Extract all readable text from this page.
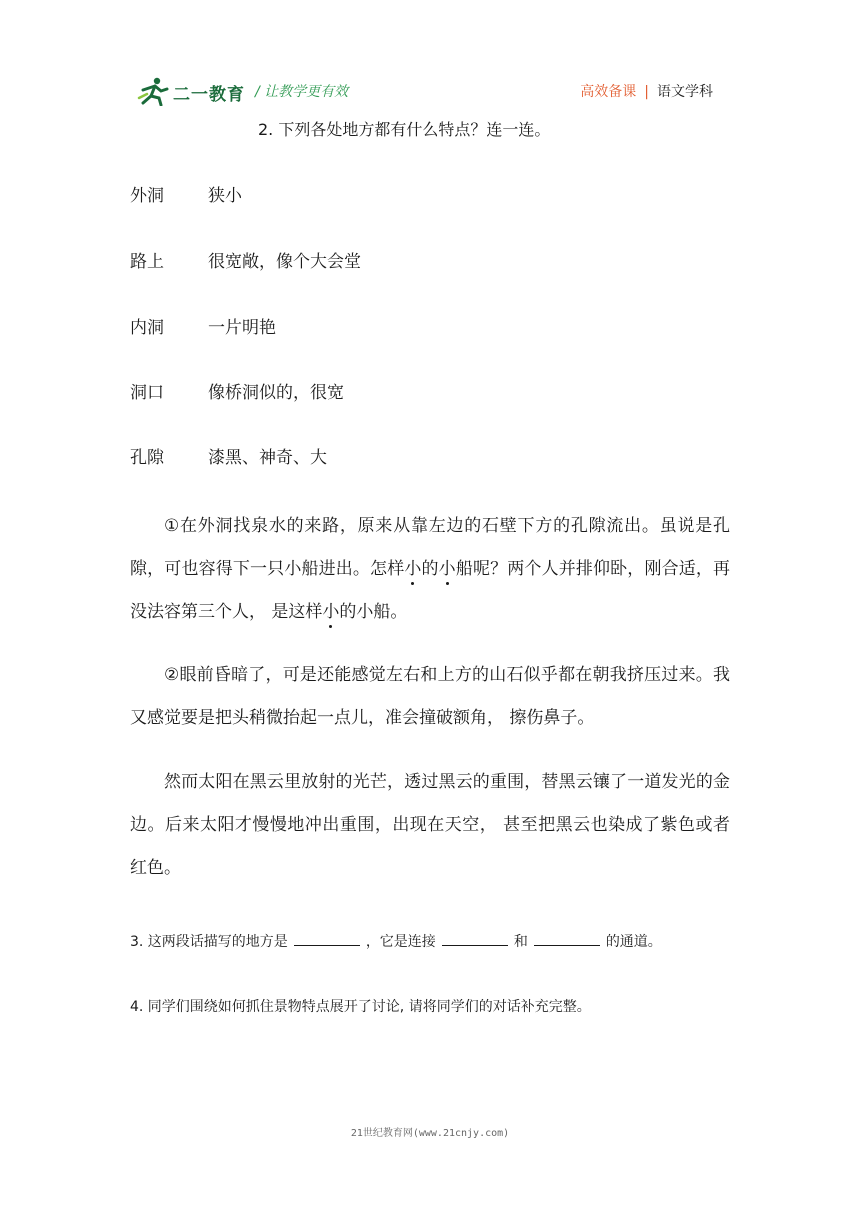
二一教育 / 让教学更有效	高效备课 | 语文学科
2. 下列各处地方都有什么特点？连一连。
外洞	狭小
路上	很宽敞，像个大会堂
内洞	一片明艳
洞口	像桥洞似的，很宽
孔隙	漆黑、神奇、大
①在外洞找泉水的来路，原来从靠左边的石壁下方的孔隙流出。虽说是孔隙，可也容得下一只小船进出。怎样小的小船呢？两个人并排仰卧，刚合适，再没法容第三个人， 是这样小的小船。
②眼前昏暗了，可是还能感觉左右和上方的山石似乎都在朝我挤压过来。我又感觉要是把头稍微抬起一点儿，准会撞破额角， 擦伤鼻子。
然而太阳在黑云里放射的光芒，透过黑云的重围，替黑云镶了一道发光的金边。后来太阳才慢慢地冲出重围，出现在天空， 甚至把黑云也染成了紫色或者红色。
3. 这两段话描写的地方是	，它是连接	和	的通道。
4. 同学们围绕如何抓住景物特点展开了讨论, 请将同学们的对话补充完整。
21世纪教育网(www.21cnjy.com)
